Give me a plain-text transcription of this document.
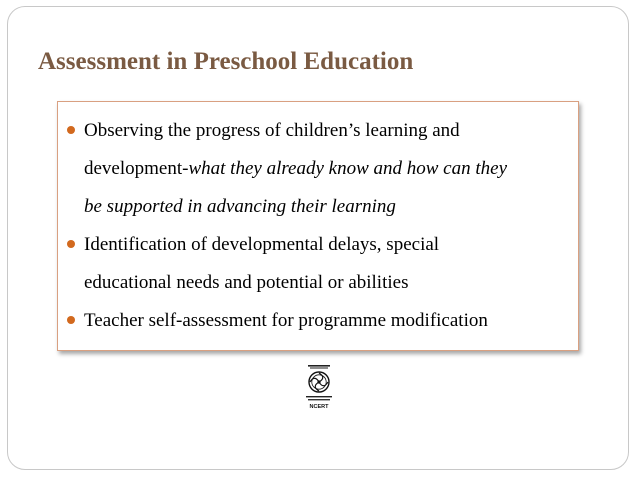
Assessment in Preschool Education
Observing the progress of children’s learning and
development-what they already know and how can they
be supported in advancing their learning
Identification of developmental delays, special
educational needs and potential or abilities
Teacher self-assessment for programme modification
NCERT
